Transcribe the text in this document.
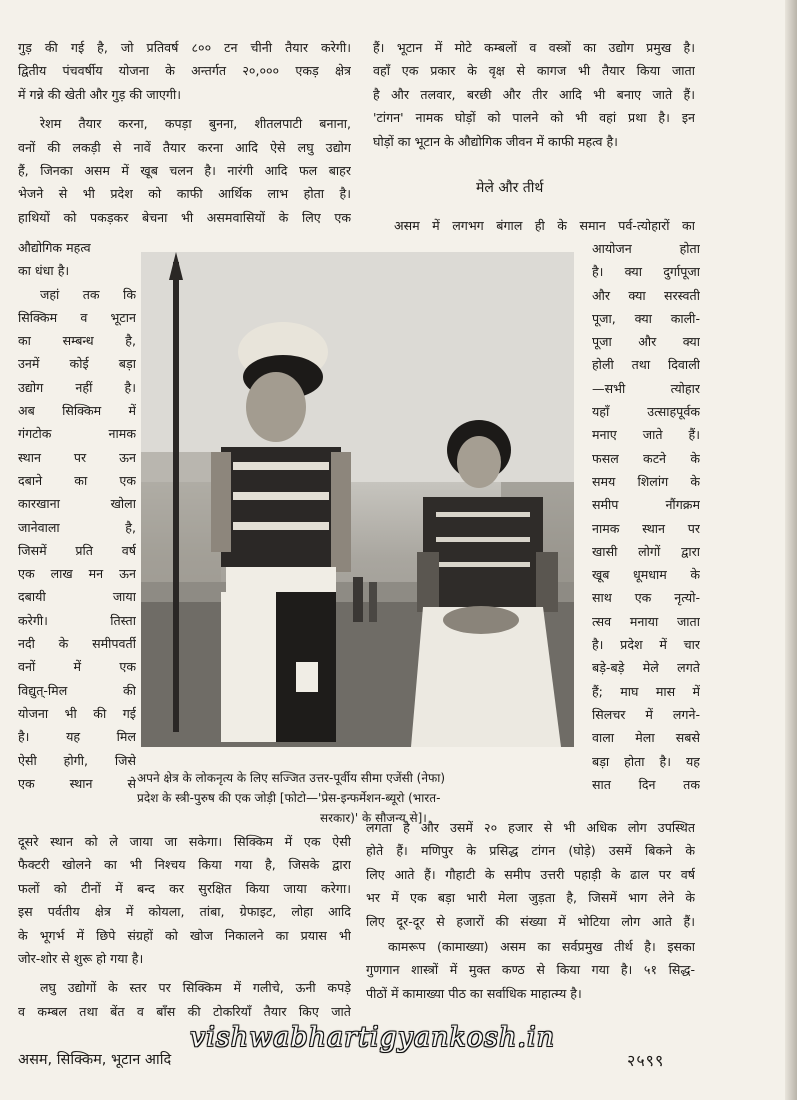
गुड़ की गई है, जो प्रतिवर्ष ८०० टन चीनी तैयार करेगी।
द्वितीय पंचवर्षीय योजना के अन्तर्गत २०,००० एकड़ क्षेत्र
में गन्ने की खेती और गुड़ की जाएगी।
रेशम तैयार करना, कपड़ा बुनना, शीतलपाटी बनाना,
वनों की लकड़ी से नावें तैयार करना आदि ऐसे लघु उद्योग
हैं, जिनका असम में खूब चलन है। नारंगी आदि फल बाहर
भेजने से भी प्रदेश को काफी आर्थिक लाभ होता है।
हाथियों को पकड़कर बेचना भी असमवासियों के लिए एक
औद्योगिक महत्व
का धंधा है।
जहां तक कि
सिक्किम व भूटान
का सम्बन्ध है,
उनमें कोई बड़ा
उद्योग नहीं है।
अब सिक्किम में
गंगटोक नामक
स्थान पर ऊन
दबाने का एक
कारखाना खोला
जानेवाला है,
जिसमें प्रति वर्ष
एक लाख मन ऊन
दबायी जाया
करेगी। तिस्ता
नदी के समीपवर्ती
वनों में एक
विद्युत्-मिल की
योजना भी की गई
है। यह मिल
ऐसी होगी, जिसे
एक स्थान से अपने क्षेत्र के लोकनृत्य के लिए सज्जित उत्तर-पूर्वीय सीमा एजेंसी (नेफा)
प्रदेश के स्त्री-पुरुष की एक जोड़ी [फोटो—'प्रेस-इन्फर्मेशन-ब्यूरो (भारत-
सरकार)' के सौजन्य से]।
दूसरे स्थान को ले जाया जा सकेगा। सिक्किम में एक ऐसी
फैक्टरी खोलने का भी निश्चय किया गया है, जिसके द्वारा
फलों को टीनों में बन्द कर सुरक्षित किया जाया करेगा।
इस पर्वतीय क्षेत्र में कोयला, तांबा, ग्रेफाइट, लोहा आदि
के भूगर्भ में छिपे संग्रहों को खोज निकालने का प्रयास भी
जोर-शोर से शुरू हो गया है।
लघु उद्योगों के स्तर पर सिक्किम में गलीचे, ऊनी कपड़े
व कम्बल तथा बेंत व बाँस की टोकरियाँ तैयार किए जाते
हैं। भूटान में मोटे कम्बलों व वस्त्रों का उद्योग प्रमुख है।
वहाँ एक प्रकार के वृक्ष से कागज भी तैयार किया जाता
है और तलवार, बरछी और तीर आदि भी बनाए जाते हैं।
'टांगन' नामक घोड़ों को पालने को भी वहां प्रथा है। इन
घोड़ों का भूटान के औद्योगिक जीवन में काफी महत्व है।
मेले और तीर्थ
असम में लगभग बंगाल ही के समान पर्व-त्योहारों का
आयोजन होता
है। क्या दुर्गापूजा
और क्या सरस्वती
पूजा, क्या काली-
पूजा और क्या
होली तथा दिवाली
—सभी त्योहार
यहाँ उत्साहपूर्वक
मनाए जाते हैं।
फसल कटने के
समय शिलांग के
समीप नौंगक्रम
नामक स्थान पर
खासी लोगों द्वारा
खूब धूमधाम के
साथ एक नृत्यो-
त्सव मनाया जाता
है। प्रदेश में चार
बड़े-बड़े मेले लगते
हैं; माघ मास में
सिलचर में लगने-
वाला मेला सबसे
बड़ा होता है। यह
सात दिन तक
लगता है और उसमें २० हजार से भी अधिक लोग उपस्थित
होते हैं। मणिपुर के प्रसिद्ध टांगन (घोड़े) उसमें बिकने के
लिए आते हैं। गौहाटी के समीप उत्तरी पहाड़ी के ढाल पर वर्ष
भर में एक बड़ा भारी मेला जुड़ता है, जिसमें भाग लेने के
लिए दूर-दूर से हजारों की संख्या में भोटिया लोग आते हैं।
कामरूप (कामाख्या) असम का सर्वप्रमुख तीर्थ है। इसका
गुणगान शास्त्रों में मुक्त कण्ठ से किया गया है। ५१ सिद्ध-
पीठों में कामाख्या पीठ का सर्वाधिक माहात्म्य है।
vishwabhartigyankosh.in
असम, सिक्किम, भूटान आदि	२५९९
